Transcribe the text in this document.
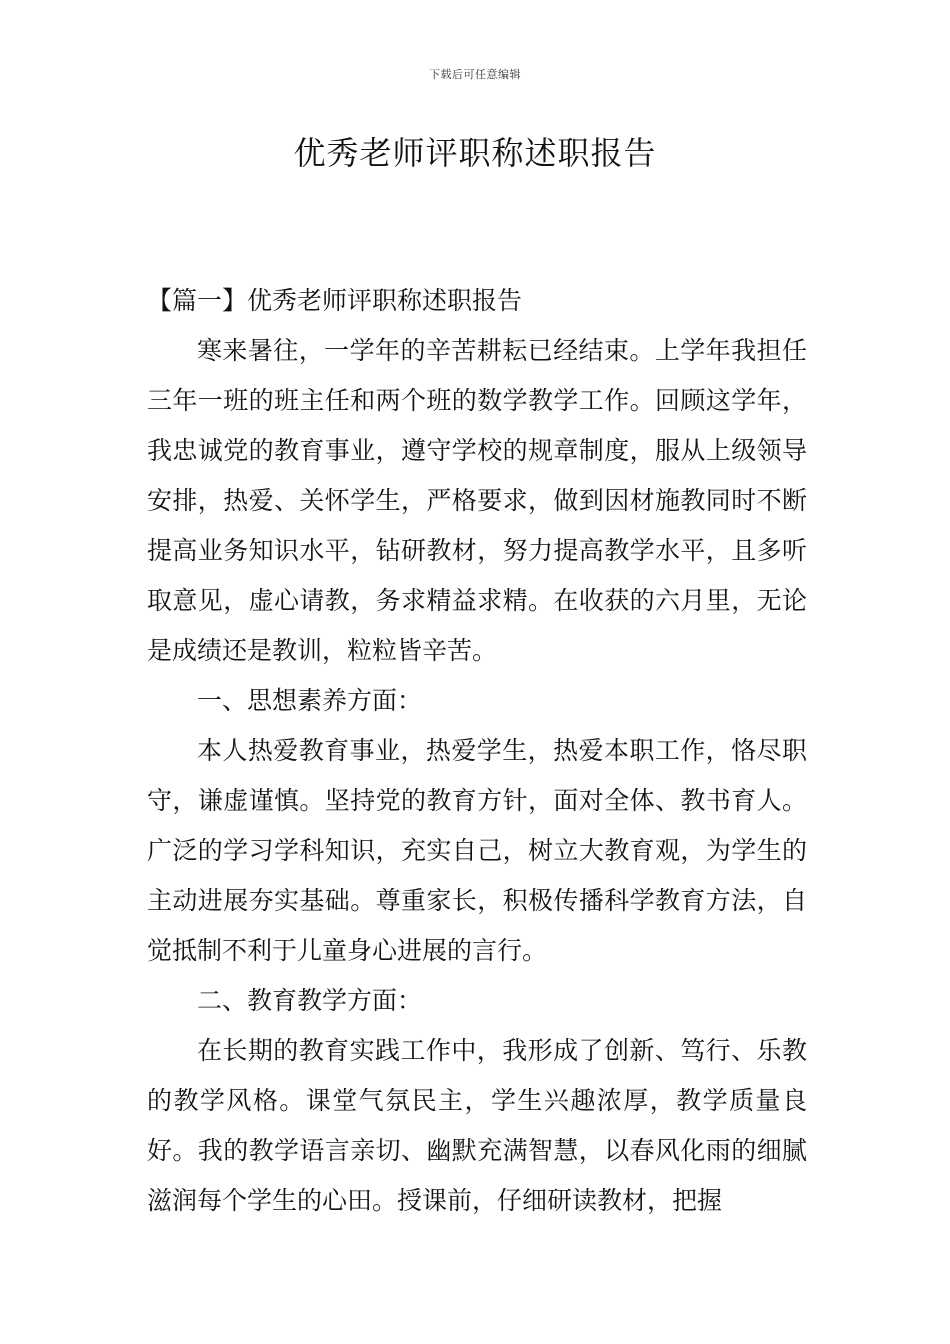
下载后可任意编辑
优秀老师评职称述职报告

【篇一】优秀老师评职称述职报告

寒来暑往，一学年的辛苦耕耘已经结束。上学年我担任三年一班的班主任和两个班的数学教学工作。回顾这学年，我忠诚党的教育事业，遵守学校的规章制度，服从上级领导安排，热爱、关怀学生，严格要求，做到因材施教同时不断提高业务知识水平，钻研教材，努力提高教学水平，且多听取意见，虚心请教，务求精益求精。在收获的六月里，无论是成绩还是教训，粒粒皆辛苦。

一、思想素养方面：

本人热爱教育事业，热爱学生，热爱本职工作，恪尽职守，谦虚谨慎。坚持党的教育方针，面对全体、教书育人。广泛的学习学科知识，充实自己，树立大教育观，为学生的主动进展夯实基础。尊重家长，积极传播科学教育方法，自觉抵制不利于儿童身心进展的言行。

二、教育教学方面：

在长期的教育实践工作中，我形成了创新、笃行、乐教的教学风格。课堂气氛民主，学生兴趣浓厚，教学质量良好。我的教学语言亲切、幽默充满智慧，以春风化雨的细腻滋润每个学生的心田。授课前，仔细研读教材，把握
